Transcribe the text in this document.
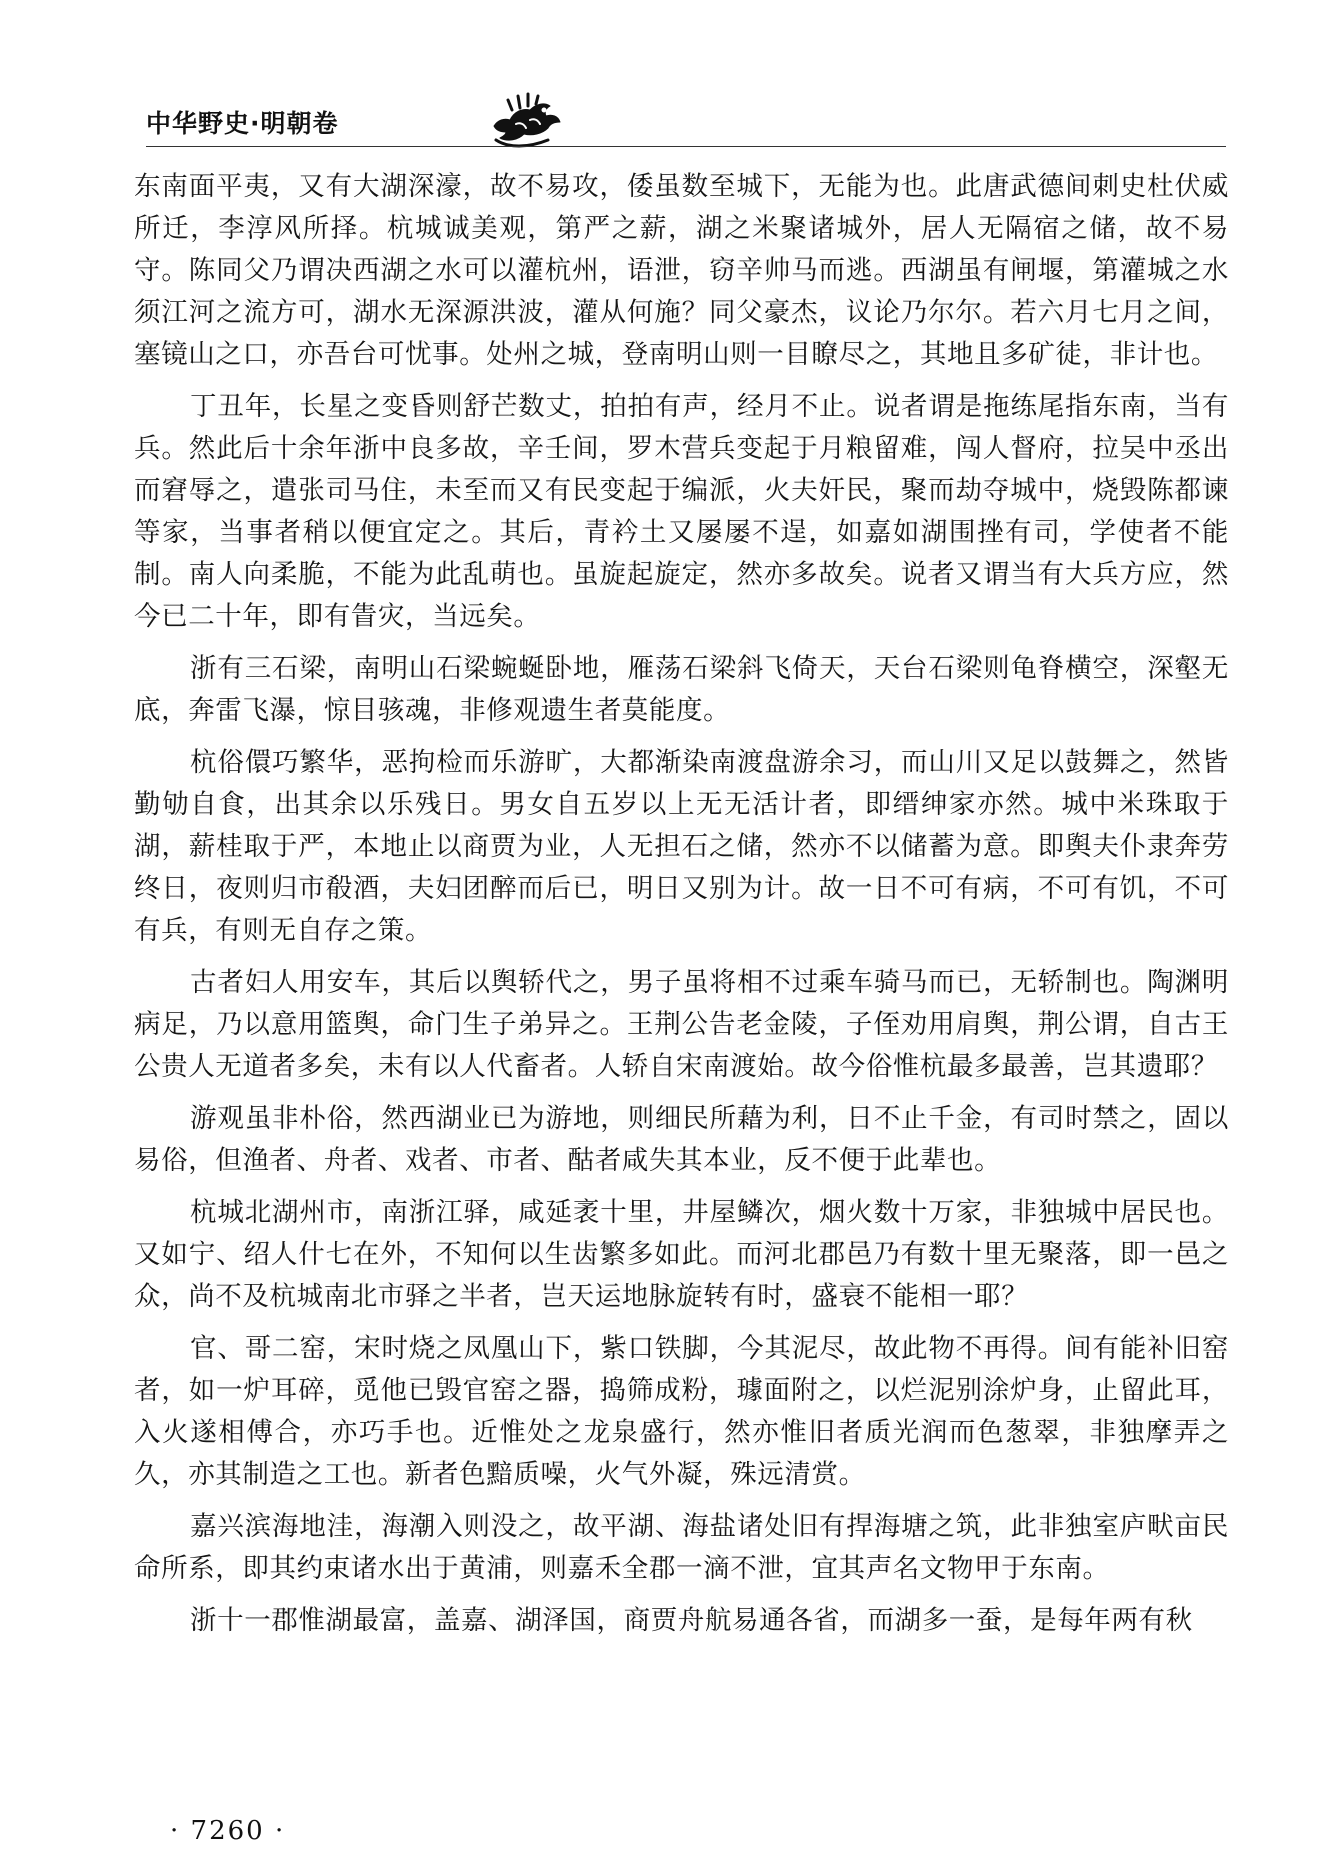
中华野史·明朝卷

东南面平夷，又有大湖深濠，故不易攻，倭虽数至城下，无能为也。此唐武德间刺史杜伏威所迁，李淳风所择。杭城诚美观，第严之薪，湖之米聚诸城外，居人无隔宿之储，故不易守。陈同父乃谓决西湖之水可以灌杭州，语泄，窃辛帅马而逃。西湖虽有闸堰，第灌城之水须江河之流方可，湖水无深源洪波，灌从何施？同父豪杰，议论乃尔尔。若六月七月之间，塞镜山之口，亦吾台可忧事。处州之城，登南明山则一目瞭尽之，其地且多矿徒，非计也。

丁丑年，长星之变昏则舒芒数丈，拍拍有声，经月不止。说者谓是拖练尾指东南，当有兵。然此后十余年浙中良多故，辛壬间，罗木营兵变起于月粮留难，闯人督府，拉吴中丞出而窘辱之，遣张司马住，未至而又有民变起于编派，火夫奸民，聚而劫夺城中，烧毁陈都谏等家，当事者稍以便宜定之。其后，青衿土又屡屡不逞，如嘉如湖围挫有司，学使者不能制。南人向柔脆，不能为此乱萌也。虽旋起旋定，然亦多故矣。说者又谓当有大兵方应，然今已二十年，即有眚灾，当远矣。

浙有三石梁，南明山石梁蜿蜒卧地，雁荡石梁斜飞倚天，天台石梁则龟脊横空，深壑无底，奔雷飞瀑，惊目骇魂，非修观遗生者莫能度。

杭俗儇巧繁华，恶拘检而乐游旷，大都渐染南渡盘游余习，而山川又足以鼓舞之，然皆勤劬自食，出其余以乐残日。男女自五岁以上无无活计者，即缙绅家亦然。城中米珠取于湖，薪桂取于严，本地止以商贾为业，人无担石之储，然亦不以储蓄为意。即舆夫仆隶奔劳终日，夜则归市殽酒，夫妇团醉而后已，明日又别为计。故一日不可有病，不可有饥，不可有兵，有则无自存之策。

古者妇人用安车，其后以舆轿代之，男子虽将相不过乘车骑马而已，无轿制也。陶渊明病足，乃以意用篮舆，命门生子弟异之。王荆公告老金陵，子侄劝用肩舆，荆公谓，自古王公贵人无道者多矣，未有以人代畜者。人轿自宋南渡始。故今俗惟杭最多最善，岂其遗耶？

游观虽非朴俗，然西湖业已为游地，则细民所藉为利，日不止千金，有司时禁之，固以易俗，但渔者、舟者、戏者、市者、酤者咸失其本业，反不便于此辈也。

杭城北湖州市，南浙江驿，咸延袤十里，井屋鳞次，烟火数十万家，非独城中居民也。又如宁、绍人什七在外，不知何以生齿繁多如此。而河北郡邑乃有数十里无聚落，即一邑之众，尚不及杭城南北市驿之半者，岂天运地脉旋转有时，盛衰不能相一耶？

官、哥二窑，宋时烧之凤凰山下，紫口铁脚，今其泥尽，故此物不再得。间有能补旧窑者，如一炉耳碎，觅他已毁官窑之器，捣筛成粉，璩面附之，以烂泥别涂炉身，止留此耳，入火遂相傅合，亦巧手也。近惟处之龙泉盛行，然亦惟旧者质光润而色葱翠，非独摩弄之久，亦其制造之工也。新者色黯质噪，火气外凝，殊远清赏。

嘉兴滨海地洼，海潮入则没之，故平湖、海盐诸处旧有捍海塘之筑，此非独室庐畎亩民命所系，即其约束诸水出于黄浦，则嘉禾全郡一滴不泄，宜其声名文物甲于东南。

浙十一郡惟湖最富，盖嘉、湖泽国，商贾舟航易通各省，而湖多一蚕，是每年两有秋

· 7260 ·
